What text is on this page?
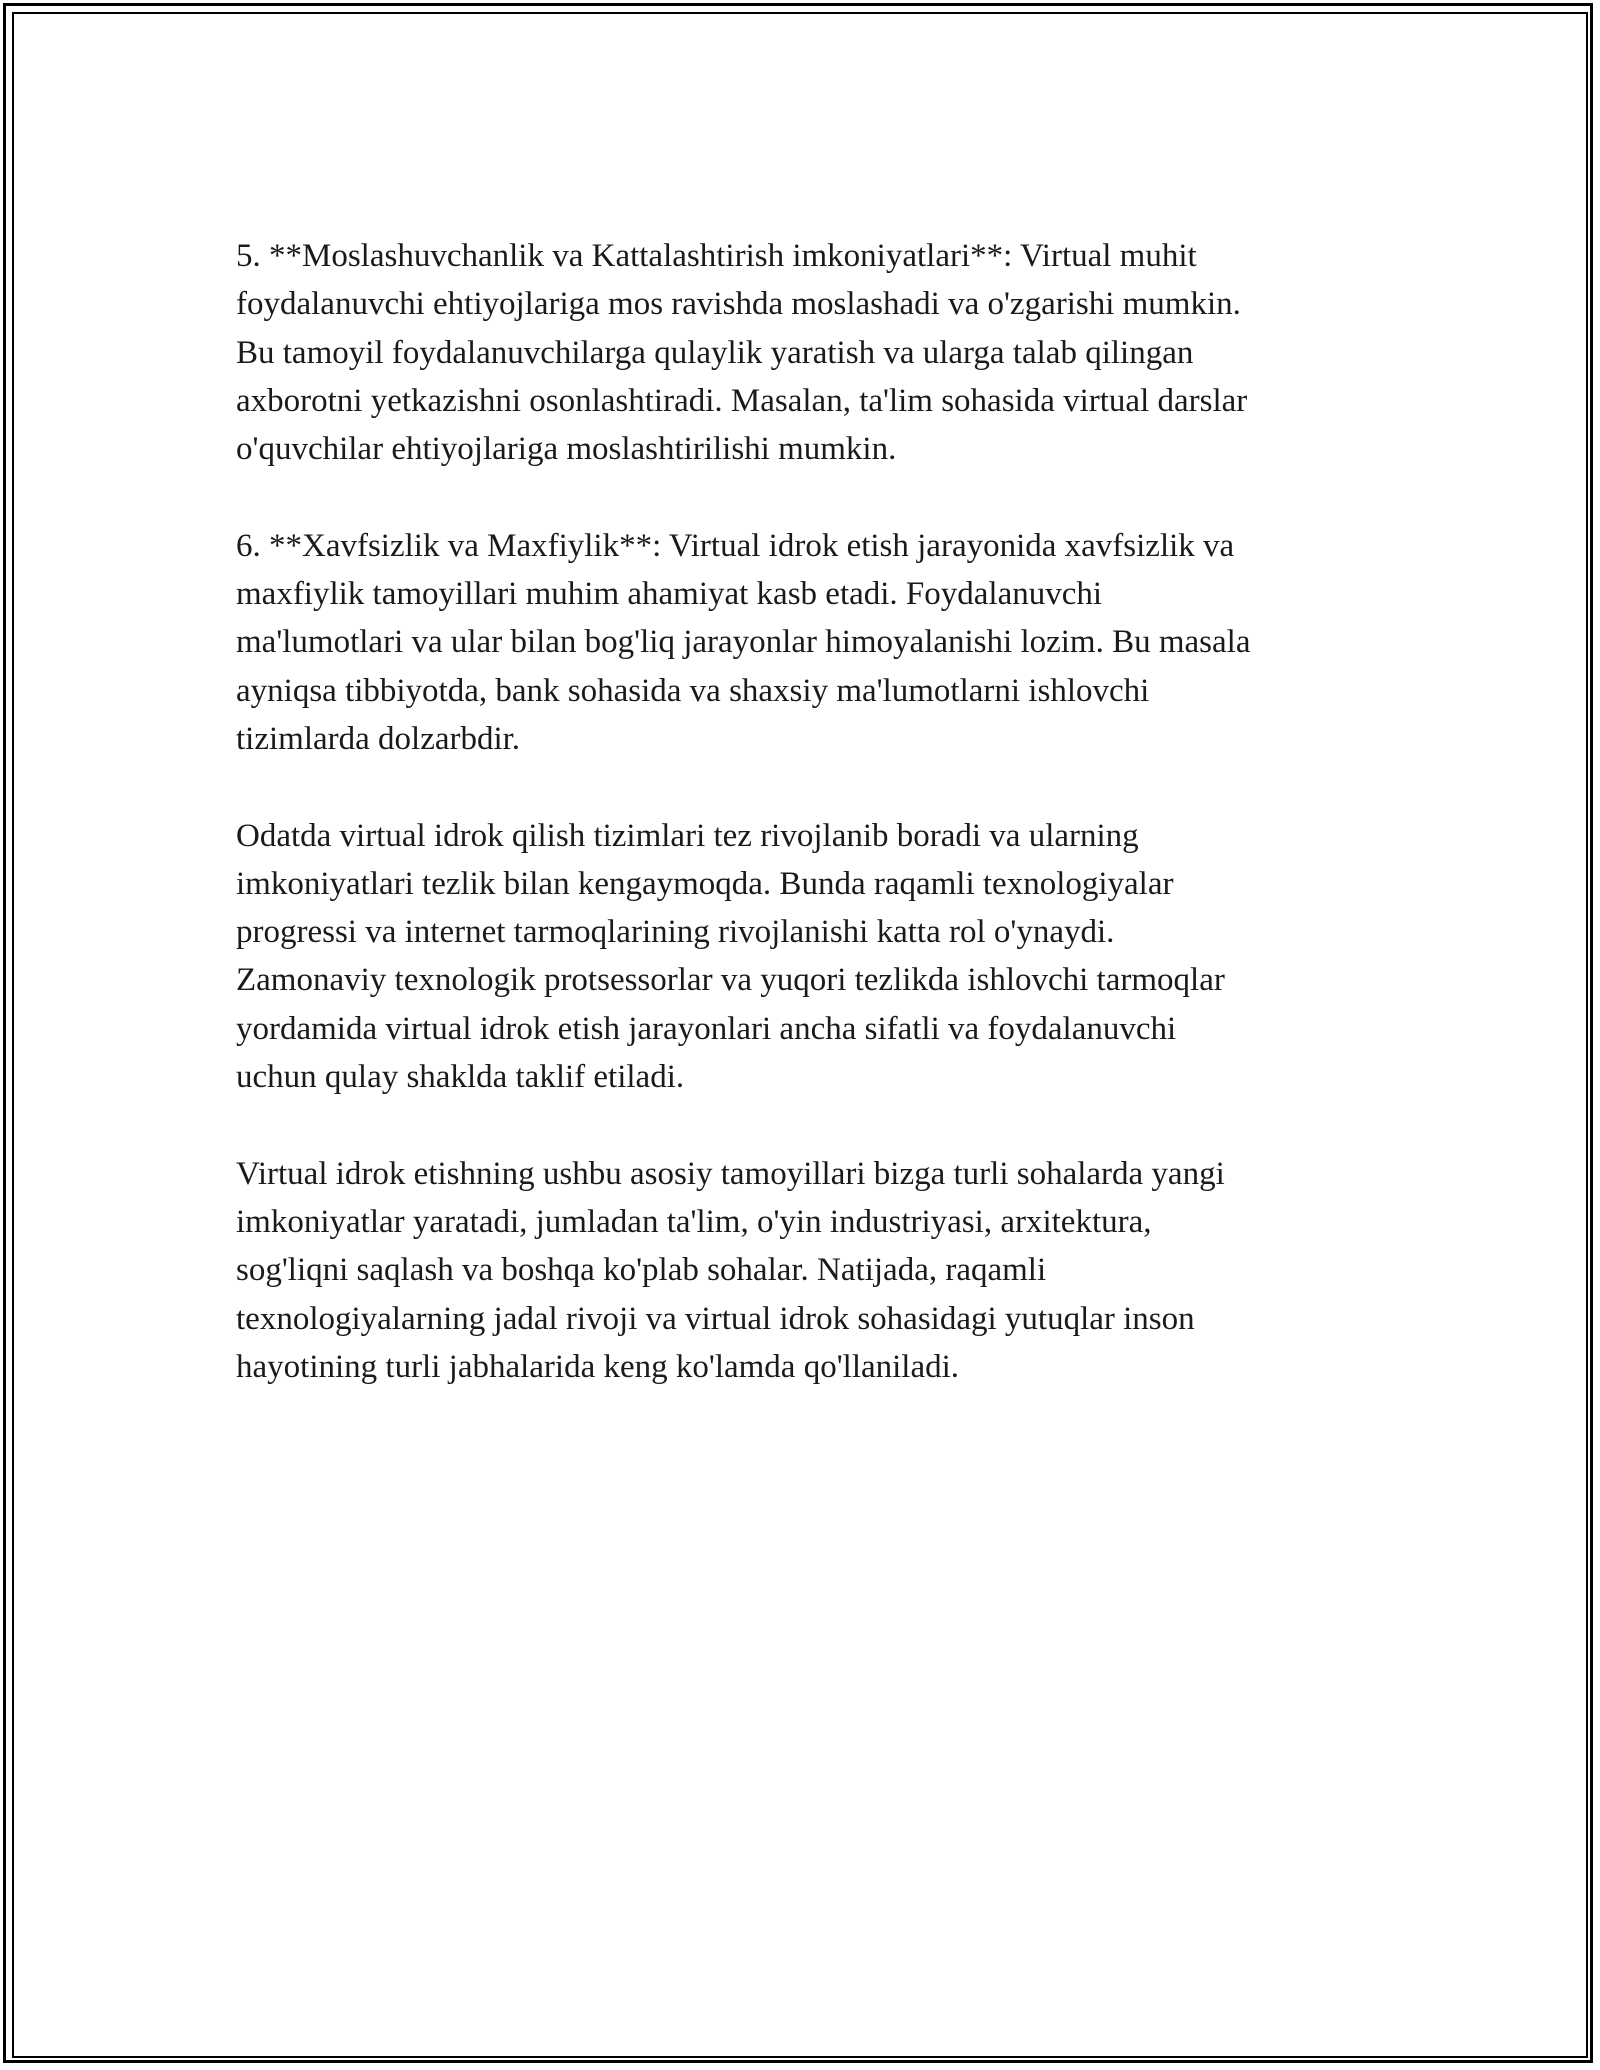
5. **Moslashuvchanlik va Kattalashtirish imkoniyatlari**: Virtual muhit
foydalanuvchi ehtiyojlariga mos ravishda moslashadi va o'zgarishi mumkin.
Bu tamoyil foydalanuvchilarga qulaylik yaratish va ularga talab qilingan
axborotni yetkazishni osonlashtiradi. Masalan, ta'lim sohasida virtual darslar
o'quvchilar ehtiyojlariga moslashtirilishi mumkin.

6. **Xavfsizlik va Maxfiylik**: Virtual idrok etish jarayonida xavfsizlik va
maxfiylik tamoyillari muhim ahamiyat kasb etadi. Foydalanuvchi
ma'lumotlari va ular bilan bog'liq jarayonlar himoyalanishi lozim. Bu masala
ayniqsa tibbiyotda, bank sohasida va shaxsiy ma'lumotlarni ishlovchi
tizimlarda dolzarbdir.

Odatda virtual idrok qilish tizimlari tez rivojlanib boradi va ularning
imkoniyatlari tezlik bilan kengaymoqda. Bunda raqamli texnologiyalar
progressi va internet tarmoqlarining rivojlanishi katta rol o'ynaydi.
Zamonaviy texnologik protsessorlar va yuqori tezlikda ishlovchi tarmoqlar
yordamida virtual idrok etish jarayonlari ancha sifatli va foydalanuvchi
uchun qulay shaklda taklif etiladi.

Virtual idrok etishning ushbu asosiy tamoyillari bizga turli sohalarda yangi
imkoniyatlar yaratadi, jumladan ta'lim, o'yin industriyasi, arxitektura,
sog'liqni saqlash va boshqa ko'plab sohalar. Natijada, raqamli
texnologiyalarning jadal rivoji va virtual idrok sohasidagi yutuqlar inson
hayotining turli jabhalarida keng ko'lamda qo'llaniladi.
